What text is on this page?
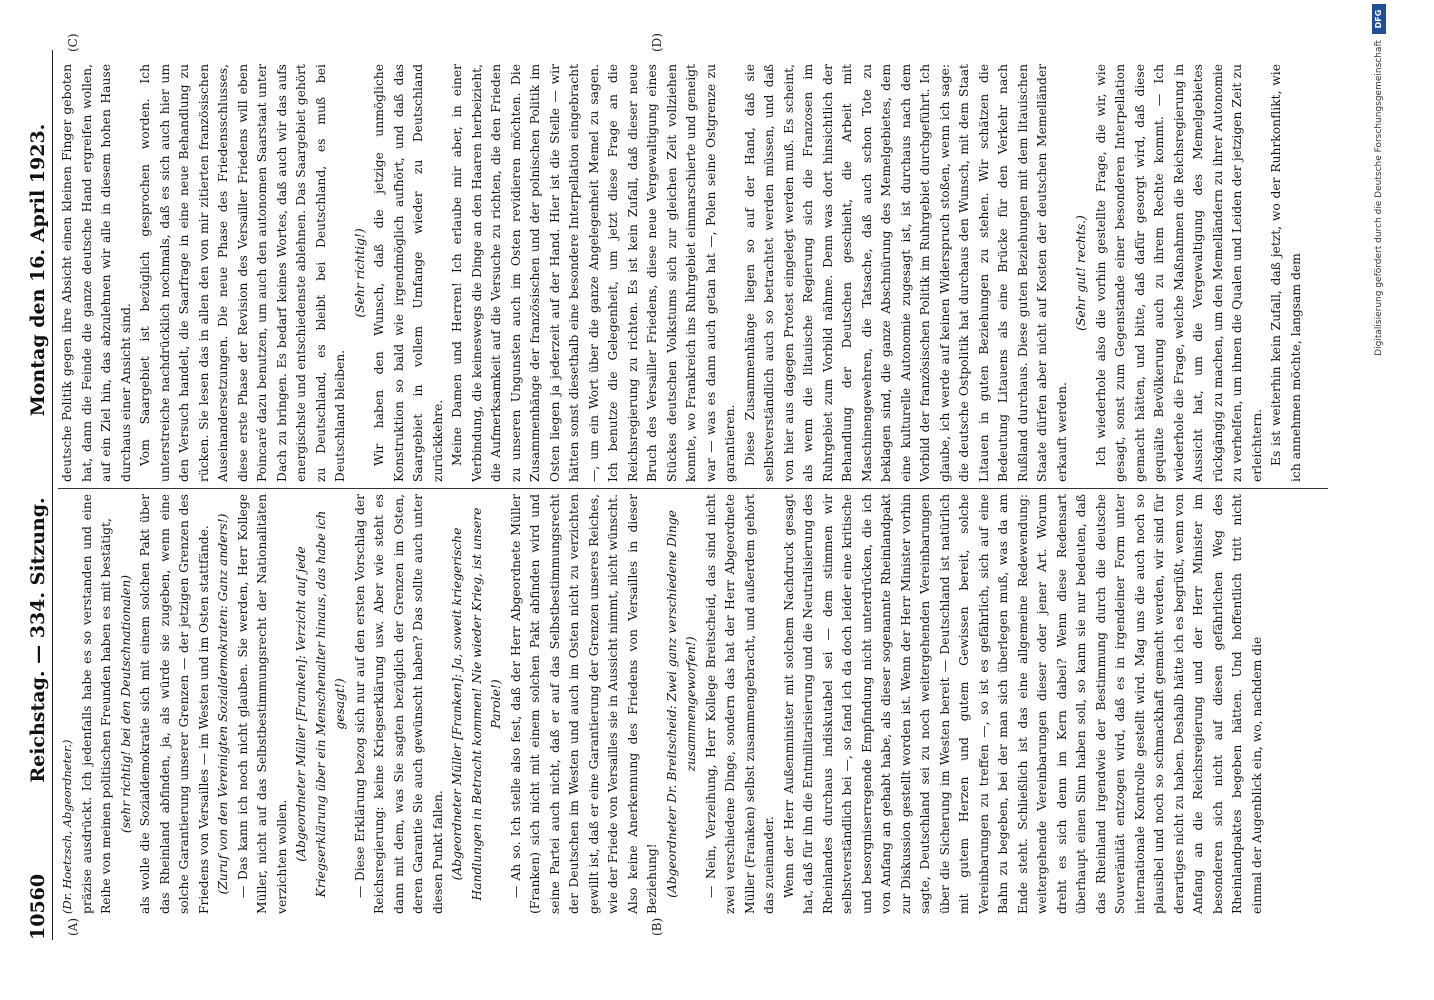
10560
Reichstag. — 334. Sitzung.
Montag den 16. April 1923.
(A)	(B)
(C)	(D)

(Dr. Hoetzsch, Abgeordneter.) präzise ausdrückt. Ich jedenfalls habe es so verstanden und eine Reihe von meinen politischen Freunden haben es mit bestätigt, (sehr richtig! bei den Deutschnationalen) als wolle die Sozialdemokratie sich mit einem solchen Pakt über das Rheinland abfinden, ja, als würde sie zugeben, wenn eine solche Garantierung unserer Grenzen — der jetzigen Grenzen des Friedens von Versailles — im Westen und im Osten stattfände. (Zuruf von den Vereinigten Sozialdemokraten: Ganz anders!) — Das kann ich noch nicht glauben. Sie werden, Herr Kollege Müller, nicht auf das Selbstbestimmungsrecht der Nationalitäten verzichten wollen. (Abgeordneter Müller [Franken]: Verzicht auf jede Kriegserklärung über ein Menschenalter hinaus, das habe ich gesagt!) — Diese Erklärung bezog sich nur auf den ersten Vorschlag der Reichsregierung: keine Kriegserklärung usw. Aber wie steht es dann mit dem, was Sie sagten bezüglich der Grenzen im Osten, deren Garantie Sie auch gewünscht haben? Das sollte auch unter diesen Punkt fallen. (Abgeordneter Müller [Franken]: Ja, soweit kriegerische Handlungen in Betracht kommen! Nie wieder Krieg, ist unsere Parole!) — Ah so. Ich stelle also fest, daß der Herr Abgeordnete Müller (Franken) sich nicht mit einem solchen Pakt abfinden wird und seine Partei auch nicht, daß er auf das Selbstbestimmungsrecht der Deutschen im Westen und auch im Osten nicht zu verzichten gewillt ist, daß er eine Garantierung der Grenzen unseres Reiches, wie der Friede von Versailles sie in Aussicht nimmt, nicht wünscht. Also keine Anerkennung des Friedens von Versailles in dieser Beziehung! (Abgeordneter Dr. Breitscheid: Zwei ganz verschiedene Dinge zusammengeworfen!) — Nein, Verzeihung, Herr Kollege Breitscheid, das sind nicht zwei verschiedene Dinge, sondern das hat der Herr Abgeordnete Müller (Franken) selbst zusammengebracht, und außerdem gehört das zueinander. Wenn der Herr Außenminister mit solchem Nachdruck gesagt hat, daß für ihn die Entmilitarisierung und die Neutralisierung des Rheinlandes durchaus indiskutabel sei — dem stimmen wir selbstverständlich bei —, so fand ich da doch leider eine kritische und besorgniserregende Empfindung nicht unterdrücken, die ich von Anfang an gehabt habe, als dieser sogenannte Rheinlandpakt zur Diskussion gestellt worden ist. Wenn der Herr Minister vorhin sagte, Deutschland sei zu noch weitergehenden Vereinbarungen über die Sicherung im Westen bereit — Deutschland ist natürlich mit gutem Herzen und gutem Gewissen bereit, solche Vereinbarungen zu treffen —, so ist es gefährlich, sich auf eine Bahn zu begeben, bei der man sich überlegen muß, was da am Ende steht. Schließlich ist das eine allgemeine Redewendung: weitergehende Vereinbarungen dieser oder jener Art. Worum dreht es sich denn im Kern dabei? Wenn diese Redensart überhaupt einen Sinn haben soll, so kann sie nur bedeuten, daß das Rheinland irgendwie der Bestimmung durch die deutsche Souveränität entzogen wird, daß es in irgendeiner Form unter internationale Kontrolle gestellt wird. Mag uns die auch noch so plausibel und noch so schmackhaft gemacht werden, wir sind für derartiges nicht zu haben. Deshalb hätte ich es begrüßt, wenn von Anfang an die Reichsregierung und der Herr Minister im besonderen sich nicht auf diesen gefährlichen Weg des Rheinlandpaktes begeben hätten. Und hoffentlich tritt nicht einmal der Augenblick ein, wo, nachdem die

deutsche Politik gegen ihre Absicht einen kleinen Finger geboten hat, dann die Feinde die ganze deutsche Hand ergreifen wollen, auf ein Ziel hin, das abzulehnen wir alle in diesem hohen Hause durchaus einer Ansicht sind. Vom Saargebiet ist bezüglich gesprochen worden. Ich unterstreiche nachdrücklich nochmals, daß es sich auch hier um den Versuch handelt, die Saarfrage in eine neue Behandlung zu rücken. Sie lesen das in allen den von mir zitierten französischen Auseinandersetzungen. Die neue Phase des Friedensschlusses, diese erste Phase der Revision des Versailler Friedens will eben Poincaré dazu benutzen, um auch den autonomen Saarstaat unter Dach zu bringen. Es bedarf keines Wortes, daß auch wir das aufs energischste und entschiedenste ablehnen. Das Saargebiet gehört zu Deutschland, es bleibt bei Deutschland, es muß bei Deutschland bleiben.

(Sehr richtig!) Wir haben den Wunsch, daß die jetzige unmögliche Konstruktion so bald wie irgendmöglich aufhört, und daß das Saargebiet in vollem Umfange wieder zu Deutschland zurückkehre. Meine Damen und Herren! Ich erlaube mir aber, in einer Verbindung, die keineswegs die Dinge an den Haaren herbeizieht, die Aufmerksamkeit auf die Versuche zu richten, die den Frieden zu unseren Ungunsten auch im Osten revidieren möchten. Die Zusammenhänge der französischen und der polnischen Politik im Osten liegen ja jederzeit auf der Hand. Hier ist die Stelle — wir hätten sonst diesethalb eine besondere Interpellation eingebracht —, um ein Wort über die ganze Angelegenheit Memel zu sagen. Ich benutze die Gelegenheit, um jetzt diese Frage an die Reichsregierung zu richten. Es ist kein Zufall, daß dieser neue Bruch des Versailler Friedens, diese neue Vergewaltigung eines Stückes deutschen Volkstums sich zur gleichen Zeit vollziehen konnte, wo Frankreich ins Ruhrgebiet einmarschierte und geneigt war — was es dann auch getan hat —, Polen seine Ostgrenze zu garantieren. Diese Zusammenhänge liegen so auf der Hand, daß sie selbstverständlich auch so betrachtet werden müssen, und daß von hier aus dagegen Protest eingelegt werden muß. Es scheint, als wenn die litauische Regierung sich die Franzosen im Ruhrgebiet zum Vorbild nähme. Denn was dort hinsichtlich der Behandlung der Deutschen geschieht, die Arbeit mit Maschinengewehren, die Tatsache, daß auch schon Tote zu beklagen sind, die ganze Abschnürung des Memelgebietes, dem eine kulturelle Autonomie zugesagt ist, ist durchaus nach dem Vorbild der französischen Politik im Ruhrgebiet durchgeführt. Ich glaube, ich werde auf keinen Widerspruch stoßen, wenn ich sage: die deutsche Ostpolitik hat durchaus den Wunsch, mit dem Staat Litauen in guten Beziehungen zu stehen. Wir schätzen die Bedeutung Litauens als eine Brücke für den Verkehr nach Rußland durchaus. Diese guten Beziehungen mit dem litauischen Staate dürfen aber nicht auf Kosten der deutschen Memelländer erkauft werden.

(Sehr gut! rechts.) Ich wiederhole also die vorhin gestellte Frage, die wir, wie gesagt, sonst zum Gegenstande einer besonderen Interpellation gemacht hätten, und bitte, daß dafür gesorgt wird, daß diese gequälte Bevölkerung auch zu ihrem Rechte kommt. — Ich wiederhole die Frage, welche Maßnahmen die Reichsregierung in Aussicht hat, um die Vergewaltigung des Memelgebietes rückgängig zu machen, um den Memelländern zu ihrer Autonomie zu verhelfen, um ihnen die Qualen und Leiden der jetzigen Zeit zu erleichtern. Es ist weiterhin kein Zufall, daß jetzt, wo der Ruhrkonflikt, wie ich annehmen möchte, langsam dem

Digitalisierung gefördert durch die Deutsche Forschungsgemeinschaft
DFG
